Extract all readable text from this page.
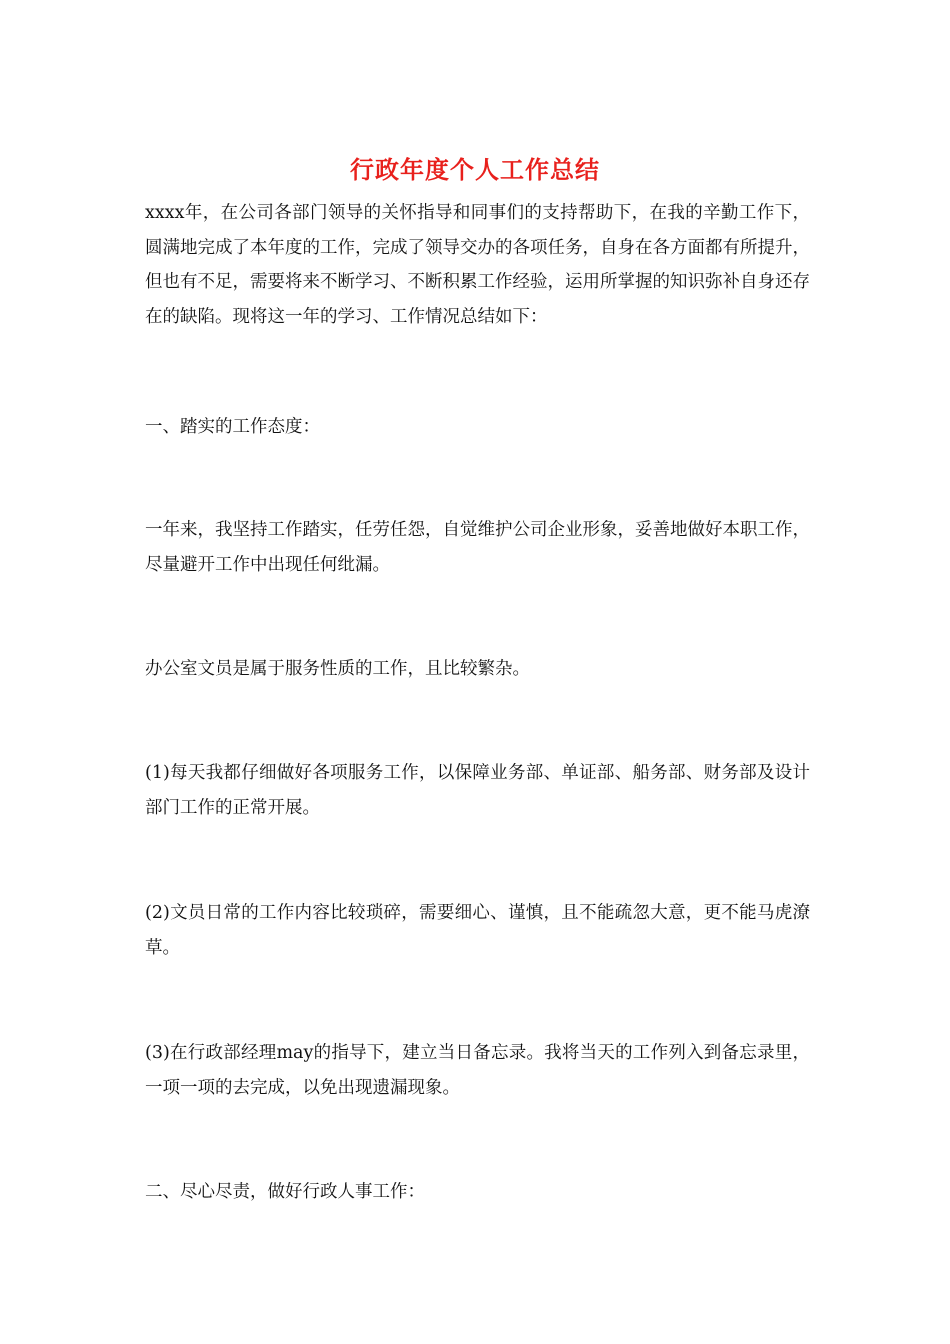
行政年度个人工作总结

xxxx年，在公司各部门领导的关怀指导和同事们的支持帮助下，在我的辛勤工作下，圆满地完成了本年度的工作，完成了领导交办的各项任务，自身在各方面都有所提升，但也有不足，需要将来不断学习、不断积累工作经验，运用所掌握的知识弥补自身还存在的缺陷。现将这一年的学习、工作情况总结如下：

一、踏实的工作态度：

一年来，我坚持工作踏实，任劳任怨，自觉维护公司企业形象，妥善地做好本职工作，尽量避开工作中出现任何纰漏。

办公室文员是属于服务性质的工作，且比较繁杂。

(1)每天我都仔细做好各项服务工作，以保障业务部、单证部、船务部、财务部及设计部门工作的正常开展。

(2)文员日常的工作内容比较琐碎，需要细心、谨慎，且不能疏忽大意，更不能马虎潦草。

(3)在行政部经理may的指导下，建立当日备忘录。我将当天的工作列入到备忘录里，一项一项的去完成，以免出现遗漏现象。

二、尽心尽责，做好行政人事工作：
